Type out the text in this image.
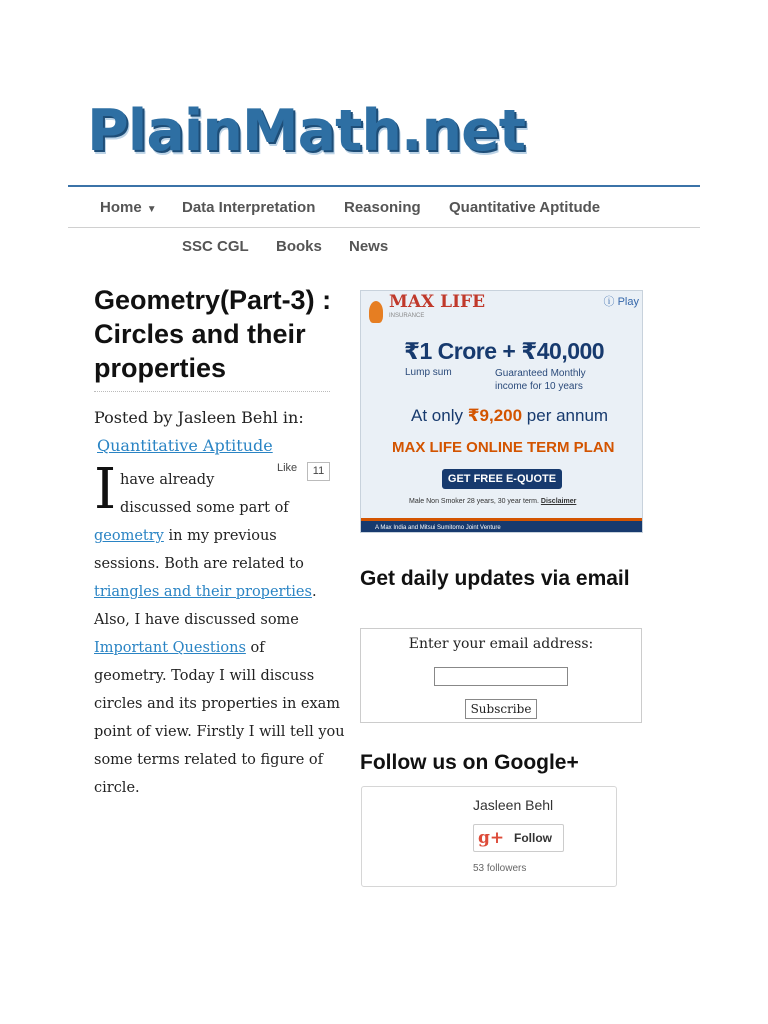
PlainMath.net
Home ▼ Data Interpretation Reasoning Quantitative Aptitude
SSC CGL Books News
Geometry(Part-3) : Circles and their properties
Posted by Jasleen Behl in:
Quantitative Aptitude
Like	11
I have already
discussed some part of
geometry in my previous
sessions. Both are related to
triangles and their properties.
Also, I have discussed some
Important Questions of
geometry. Today I will discuss
circles and its properties in exam
point of view. Firstly I will tell you
some terms related to figure of
circle.
MAX LIFE
INSURANCE
ⓘ Play
₹1 Crore + ₹40,000
Lump sum	Guaranteed Monthly income for 10 years
At only ₹9,200 per annum
MAX LIFE ONLINE TERM PLAN
GET FREE E-QUOTE
Male Non Smoker 28 years, 30 year term. Disclaimer
A Max India and Mitsui Sumitomo Joint Venture
Get daily updates via email
Enter your email address:
Subscribe
Follow us on Google+
Jasleen Behl
g+ Follow
53 followers
